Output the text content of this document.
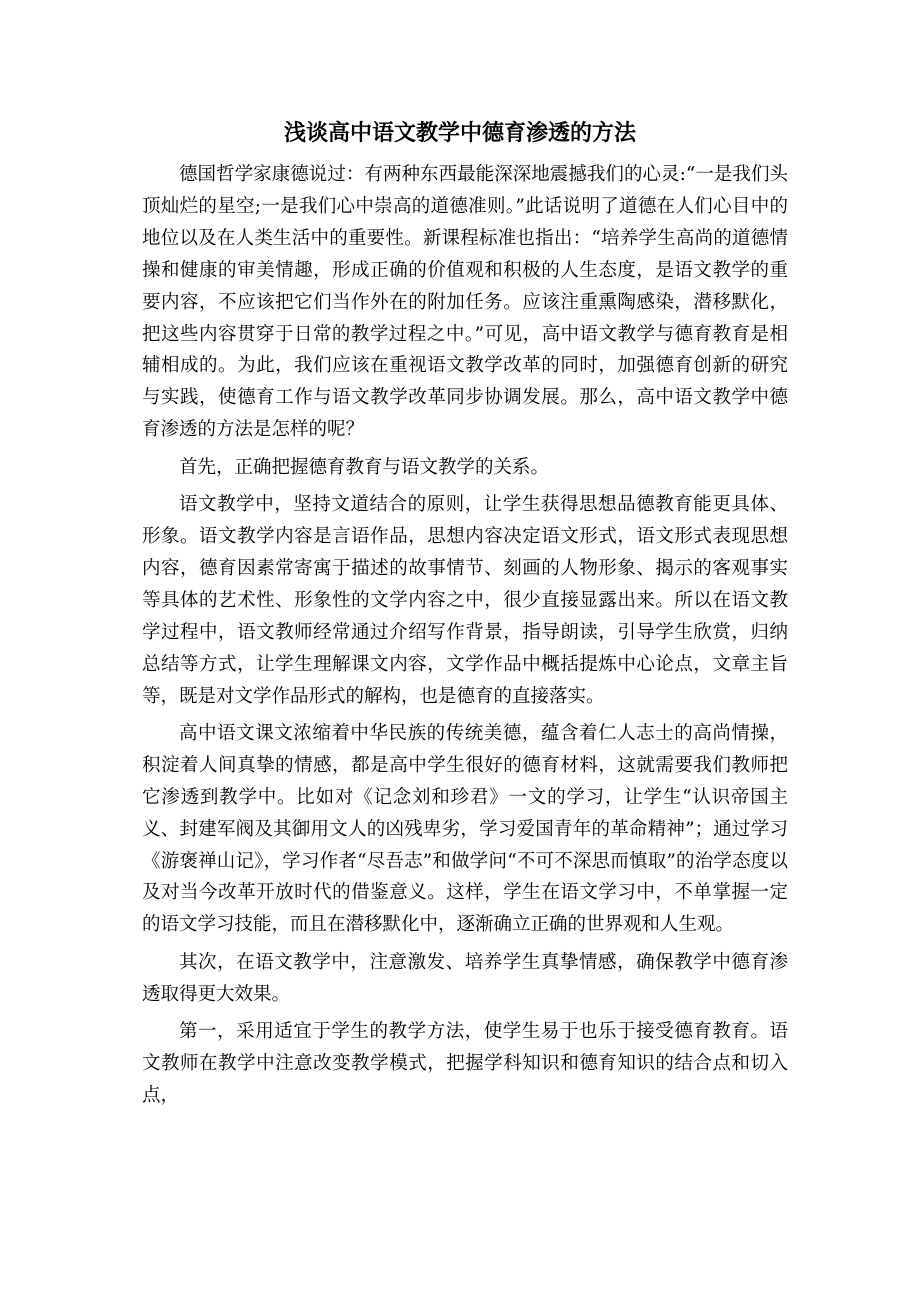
浅谈高中语文教学中德育渗透的方法

德国哲学家康德说过：有两种东西最能深深地震撼我们的心灵:“一是我们头顶灿烂的星空;一是我们心中崇高的道德准则。”此话说明了道德在人们心目中的地位以及在人类生活中的重要性。新课程标准也指出：“培养学生高尚的道德情操和健康的审美情趣，形成正确的价值观和积极的人生态度，是语文教学的重要内容，不应该把它们当作外在的附加任务。应该注重熏陶感染，潜移默化，把这些内容贯穿于日常的教学过程之中。”可见，高中语文教学与德育教育是相辅相成的。为此，我们应该在重视语文教学改革的同时，加强德育创新的研究与实践，使德育工作与语文教学改革同步协调发展。那么，高中语文教学中德育渗透的方法是怎样的呢？

首先，正确把握德育教育与语文教学的关系。

语文教学中，坚持文道结合的原则，让学生获得思想品德教育能更具体、形象。语文教学内容是言语作品，思想内容决定语文形式，语文形式表现思想内容，德育因素常寄寓于描述的故事情节、刻画的人物形象、揭示的客观事实等具体的艺术性、形象性的文学内容之中，很少直接显露出来。所以在语文教学过程中，语文教师经常通过介绍写作背景，指导朗读，引导学生欣赏，归纳总结等方式，让学生理解课文内容，文学作品中概括提炼中心论点，文章主旨等，既是对文学作品形式的解构，也是德育的直接落实。

高中语文课文浓缩着中华民族的传统美德，蕴含着仁人志士的高尚情操，积淀着人间真挚的情感，都是高中学生很好的德育材料，这就需要我们教师把它渗透到教学中。比如对《记念刘和珍君》一文的学习，让学生“认识帝国主义、封建军阀及其御用文人的凶残卑劣，学习爱国青年的革命精神”；通过学习《游褒禅山记》，学习作者“尽吾志”和做学问“不可不深思而慎取”的治学态度以及对当今改革开放时代的借鉴意义。这样，学生在语文学习中，不单掌握一定的语文学习技能，而且在潜移默化中，逐渐确立正确的世界观和人生观。

其次，在语文教学中，注意激发、培养学生真挚情感，确保教学中德育渗透取得更大效果。

第一，采用适宜于学生的教学方法，使学生易于也乐于接受德育教育。语文教师在教学中注意改变教学模式，把握学科知识和德育知识的结合点和切入点，
